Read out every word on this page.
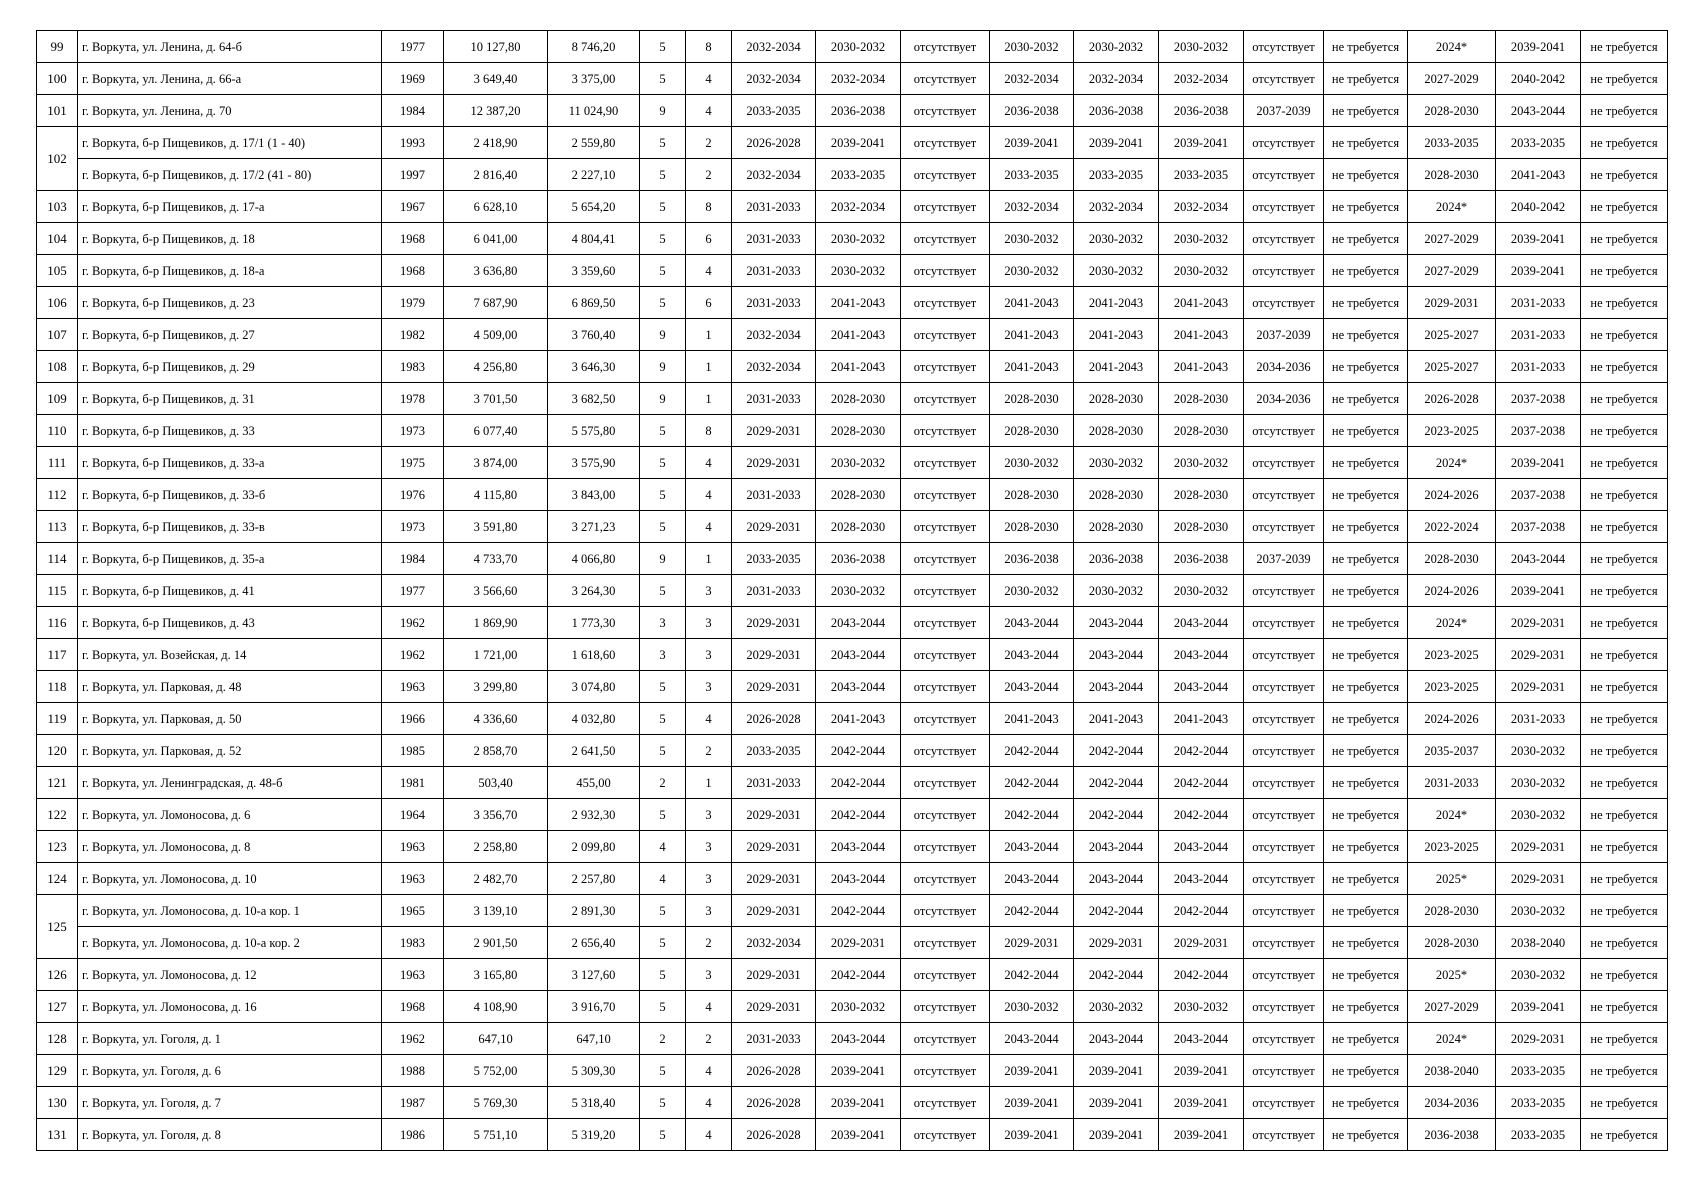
99	г. Воркута, ул. Ленина, д. 64-б	1977	10 127,80	8 746,20	5	8	2032-2034	2030-2032	отсутствует	2030-2032	2030-2032	2030-2032	отсутствует	не требуется	2024*	2039-2041	не требуется
100	г. Воркута, ул. Ленина, д. 66-а	1969	3 649,40	3 375,00	5	4	2032-2034	2032-2034	отсутствует	2032-2034	2032-2034	2032-2034	отсутствует	не требуется	2027-2029	2040-2042	не требуется
101	г. Воркута, ул. Ленина, д. 70	1984	12 387,20	11 024,90	9	4	2033-2035	2036-2038	отсутствует	2036-2038	2036-2038	2036-2038	2037-2039	не требуется	2028-2030	2043-2044	не требуется
102	г. Воркута, б-р Пищевиков, д. 17/1 (1 - 40)	1993	2 418,90	2 559,80	5	2	2026-2028	2039-2041	отсутствует	2039-2041	2039-2041	2039-2041	отсутствует	не требуется	2033-2035	2033-2035	не требуется
	г. Воркута, б-р Пищевиков, д. 17/2 (41 - 80)	1997	2 816,40	2 227,10	5	2	2032-2034	2033-2035	отсутствует	2033-2035	2033-2035	2033-2035	отсутствует	не требуется	2028-2030	2041-2043	не требуется
103	г. Воркута, б-р Пищевиков, д. 17-а	1967	6 628,10	5 654,20	5	8	2031-2033	2032-2034	отсутствует	2032-2034	2032-2034	2032-2034	отсутствует	не требуется	2024*	2040-2042	не требуется
104	г. Воркута, б-р Пищевиков, д. 18	1968	6 041,00	4 804,41	5	6	2031-2033	2030-2032	отсутствует	2030-2032	2030-2032	2030-2032	отсутствует	не требуется	2027-2029	2039-2041	не требуется
105	г. Воркута, б-р Пищевиков, д. 18-а	1968	3 636,80	3 359,60	5	4	2031-2033	2030-2032	отсутствует	2030-2032	2030-2032	2030-2032	отсутствует	не требуется	2027-2029	2039-2041	не требуется
106	г. Воркута, б-р Пищевиков, д. 23	1979	7 687,90	6 869,50	5	6	2031-2033	2041-2043	отсутствует	2041-2043	2041-2043	2041-2043	отсутствует	не требуется	2029-2031	2031-2033	не требуется
107	г. Воркута, б-р Пищевиков, д. 27	1982	4 509,00	3 760,40	9	1	2032-2034	2041-2043	отсутствует	2041-2043	2041-2043	2041-2043	2037-2039	не требуется	2025-2027	2031-2033	не требуется
108	г. Воркута, б-р Пищевиков, д. 29	1983	4 256,80	3 646,30	9	1	2032-2034	2041-2043	отсутствует	2041-2043	2041-2043	2041-2043	2034-2036	не требуется	2025-2027	2031-2033	не требуется
109	г. Воркута, б-р Пищевиков, д. 31	1978	3 701,50	3 682,50	9	1	2031-2033	2028-2030	отсутствует	2028-2030	2028-2030	2028-2030	2034-2036	не требуется	2026-2028	2037-2038	не требуется
110	г. Воркута, б-р Пищевиков, д. 33	1973	6 077,40	5 575,80	5	8	2029-2031	2028-2030	отсутствует	2028-2030	2028-2030	2028-2030	отсутствует	не требуется	2023-2025	2037-2038	не требуется
111	г. Воркута, б-р Пищевиков, д. 33-а	1975	3 874,00	3 575,90	5	4	2029-2031	2030-2032	отсутствует	2030-2032	2030-2032	2030-2032	отсутствует	не требуется	2024*	2039-2041	не требуется
112	г. Воркута, б-р Пищевиков, д. 33-б	1976	4 115,80	3 843,00	5	4	2031-2033	2028-2030	отсутствует	2028-2030	2028-2030	2028-2030	отсутствует	не требуется	2024-2026	2037-2038	не требуется
113	г. Воркута, б-р Пищевиков, д. 33-в	1973	3 591,80	3 271,23	5	4	2029-2031	2028-2030	отсутствует	2028-2030	2028-2030	2028-2030	отсутствует	не требуется	2022-2024	2037-2038	не требуется
114	г. Воркута, б-р Пищевиков, д. 35-а	1984	4 733,70	4 066,80	9	1	2033-2035	2036-2038	отсутствует	2036-2038	2036-2038	2036-2038	2037-2039	не требуется	2028-2030	2043-2044	не требуется
115	г. Воркута, б-р Пищевиков, д. 41	1977	3 566,60	3 264,30	5	3	2031-2033	2030-2032	отсутствует	2030-2032	2030-2032	2030-2032	отсутствует	не требуется	2024-2026	2039-2041	не требуется
116	г. Воркута, б-р Пищевиков, д. 43	1962	1 869,90	1 773,30	3	3	2029-2031	2043-2044	отсутствует	2043-2044	2043-2044	2043-2044	отсутствует	не требуется	2024*	2029-2031	не требуется
117	г. Воркута, ул. Возейская, д. 14	1962	1 721,00	1 618,60	3	3	2029-2031	2043-2044	отсутствует	2043-2044	2043-2044	2043-2044	отсутствует	не требуется	2023-2025	2029-2031	не требуется
118	г. Воркута, ул. Парковая, д. 48	1963	3 299,80	3 074,80	5	3	2029-2031	2043-2044	отсутствует	2043-2044	2043-2044	2043-2044	отсутствует	не требуется	2023-2025	2029-2031	не требуется
119	г. Воркута, ул. Парковая, д. 50	1966	4 336,60	4 032,80	5	4	2026-2028	2041-2043	отсутствует	2041-2043	2041-2043	2041-2043	отсутствует	не требуется	2024-2026	2031-2033	не требуется
120	г. Воркута, ул. Парковая, д. 52	1985	2 858,70	2 641,50	5	2	2033-2035	2042-2044	отсутствует	2042-2044	2042-2044	2042-2044	отсутствует	не требуется	2035-2037	2030-2032	не требуется
121	г. Воркута, ул. Ленинградская, д. 48-б	1981	503,40	455,00	2	1	2031-2033	2042-2044	отсутствует	2042-2044	2042-2044	2042-2044	отсутствует	не требуется	2031-2033	2030-2032	не требуется
122	г. Воркута, ул. Ломоносова, д. 6	1964	3 356,70	2 932,30	5	3	2029-2031	2042-2044	отсутствует	2042-2044	2042-2044	2042-2044	отсутствует	не требуется	2024*	2030-2032	не требуется
123	г. Воркута, ул. Ломоносова, д. 8	1963	2 258,80	2 099,80	4	3	2029-2031	2043-2044	отсутствует	2043-2044	2043-2044	2043-2044	отсутствует	не требуется	2023-2025	2029-2031	не требуется
124	г. Воркута, ул. Ломоносова, д. 10	1963	2 482,70	2 257,80	4	3	2029-2031	2043-2044	отсутствует	2043-2044	2043-2044	2043-2044	отсутствует	не требуется	2025*	2029-2031	не требуется
125	г. Воркута, ул. Ломоносова, д. 10-а кор. 1	1965	3 139,10	2 891,30	5	3	2029-2031	2042-2044	отсутствует	2042-2044	2042-2044	2042-2044	отсутствует	не требуется	2028-2030	2030-2032	не требуется
	г. Воркута, ул. Ломоносова, д. 10-а кор. 2	1983	2 901,50	2 656,40	5	2	2032-2034	2029-2031	отсутствует	2029-2031	2029-2031	2029-2031	отсутствует	не требуется	2028-2030	2038-2040	не требуется
126	г. Воркута, ул. Ломоносова, д. 12	1963	3 165,80	3 127,60	5	3	2029-2031	2042-2044	отсутствует	2042-2044	2042-2044	2042-2044	отсутствует	не требуется	2025*	2030-2032	не требуется
127	г. Воркута, ул. Ломоносова, д. 16	1968	4 108,90	3 916,70	5	4	2029-2031	2030-2032	отсутствует	2030-2032	2030-2032	2030-2032	отсутствует	не требуется	2027-2029	2039-2041	не требуется
128	г. Воркута, ул. Гоголя, д. 1	1962	647,10	647,10	2	2	2031-2033	2043-2044	отсутствует	2043-2044	2043-2044	2043-2044	отсутствует	не требуется	2024*	2029-2031	не требуется
129	г. Воркута, ул. Гоголя, д. 6	1988	5 752,00	5 309,30	5	4	2026-2028	2039-2041	отсутствует	2039-2041	2039-2041	2039-2041	отсутствует	не требуется	2038-2040	2033-2035	не требуется
130	г. Воркута, ул. Гоголя, д. 7	1987	5 769,30	5 318,40	5	4	2026-2028	2039-2041	отсутствует	2039-2041	2039-2041	2039-2041	отсутствует	не требуется	2034-2036	2033-2035	не требуется
131	г. Воркута, ул. Гоголя, д. 8	1986	5 751,10	5 319,20	5	4	2026-2028	2039-2041	отсутствует	2039-2041	2039-2041	2039-2041	отсутствует	не требуется	2036-2038	2033-2035	не требуется
